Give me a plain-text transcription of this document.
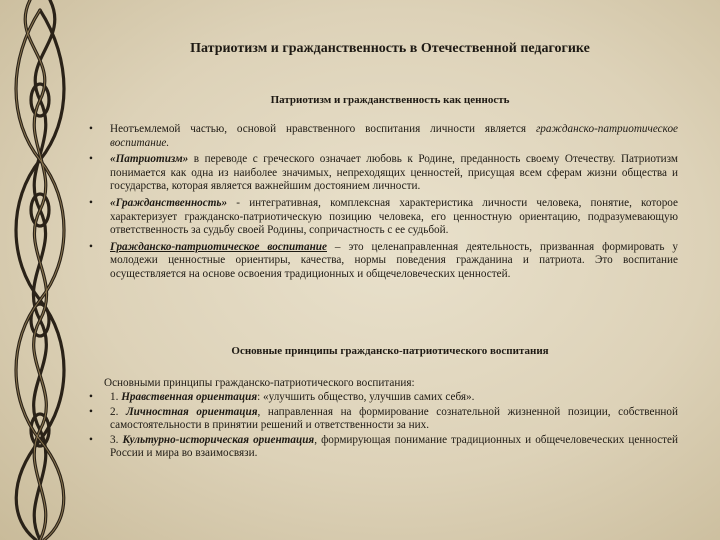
Патриотизм и гражданственность в Отечественной педагогике
Патриотизм и гражданственность как ценность
• Неотъемлемой частью, основой нравственного воспитания личности является гражданско-патриотическое воспитание.
• «Патриотизм» в переводе с греческого означает любовь к Родине, преданность своему Отечеству. Патриотизм понимается как одна из наиболее значимых, непреходящих ценностей, присущая всем сферам жизни общества и государства, которая является важнейшим достоянием личности.
• «Гражданственность» - интегративная, комплексная характеристика личности человека, понятие, которое характеризует гражданско-патриотическую позицию человека, его ценностную ориентацию, подразумевающую ответственность за судьбу своей Родины, сопричастность с ее судьбой.
• Гражданско-патриотическое воспитание – это целенаправленная деятельность, призванная формировать у молодежи ценностные ориентиры, качества, нормы поведения гражданина и патриота. Это воспитание осуществляется на основе освоения традиционных и общечеловеческих ценностей.
Основные принципы гражданско-патриотического воспитания
Основными принципы гражданско-патриотического воспитания:
• 1. Нравственная ориентация: «улучшить общество, улучшив самих себя».
• 2. Личностная ориентация, направленная на формирование сознательной жизненной позиции, собственной самостоятельности в принятии решений и ответственности за них.
• 3. Культурно-историческая ориентация, формирующая понимание традиционных и общечеловеческих ценностей России и мира во взаимосвязи.
